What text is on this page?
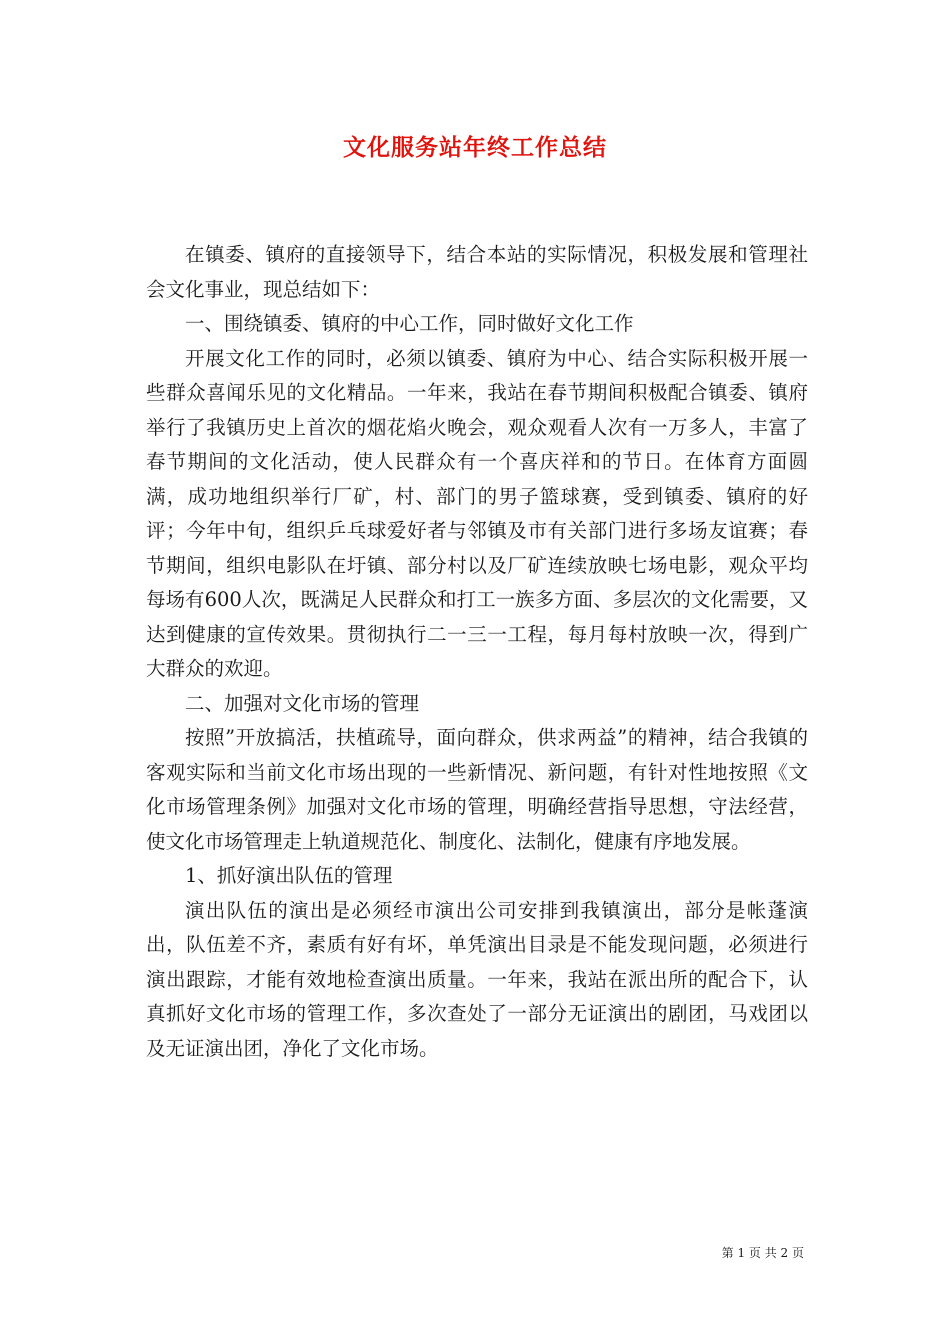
文化服务站年终工作总结

在镇委、镇府的直接领导下，结合本站的实际情况，积极发展和管理社会文化事业，现总结如下：

一、围绕镇委、镇府的中心工作，同时做好文化工作

开展文化工作的同时，必须以镇委、镇府为中心、结合实际积极开展一些群众喜闻乐见的文化精品。一年来，我站在春节期间积极配合镇委、镇府举行了我镇历史上首次的烟花焰火晚会，观众观看人次有一万多人，丰富了春节期间的文化活动，使人民群众有一个喜庆祥和的节日。在体育方面圆满，成功地组织举行厂矿，村、部门的男子篮球赛，受到镇委、镇府的好评；今年中旬，组织乒乓球爱好者与邻镇及市有关部门进行多场友谊赛；春节期间，组织电影队在圩镇、部分村以及厂矿连续放映七场电影，观众平均每场有600人次，既满足人民群众和打工一族多方面、多层次的文化需要，又达到健康的宣传效果。贯彻执行二一三一工程，每月每村放映一次，得到广大群众的欢迎。

二、加强对文化市场的管理

按照”开放搞活，扶植疏导，面向群众，供求两益”的精神，结合我镇的客观实际和当前文化市场出现的一些新情况、新问题，有针对性地按照《文化市场管理条例》加强对文化市场的管理，明确经营指导思想，守法经营，使文化市场管理走上轨道规范化、制度化、法制化，健康有序地发展。

1、抓好演出队伍的管理

演出队伍的演出是必须经市演出公司安排到我镇演出，部分是帐蓬演出，队伍差不齐，素质有好有坏，单凭演出目录是不能发现问题，必须进行演出跟踪，才能有效地检查演出质量。一年来，我站在派出所的配合下，认真抓好文化市场的管理工作，多次查处了一部分无证演出的剧团，马戏团以及无证演出团，净化了文化市场。

第 1 页 共 2 页
